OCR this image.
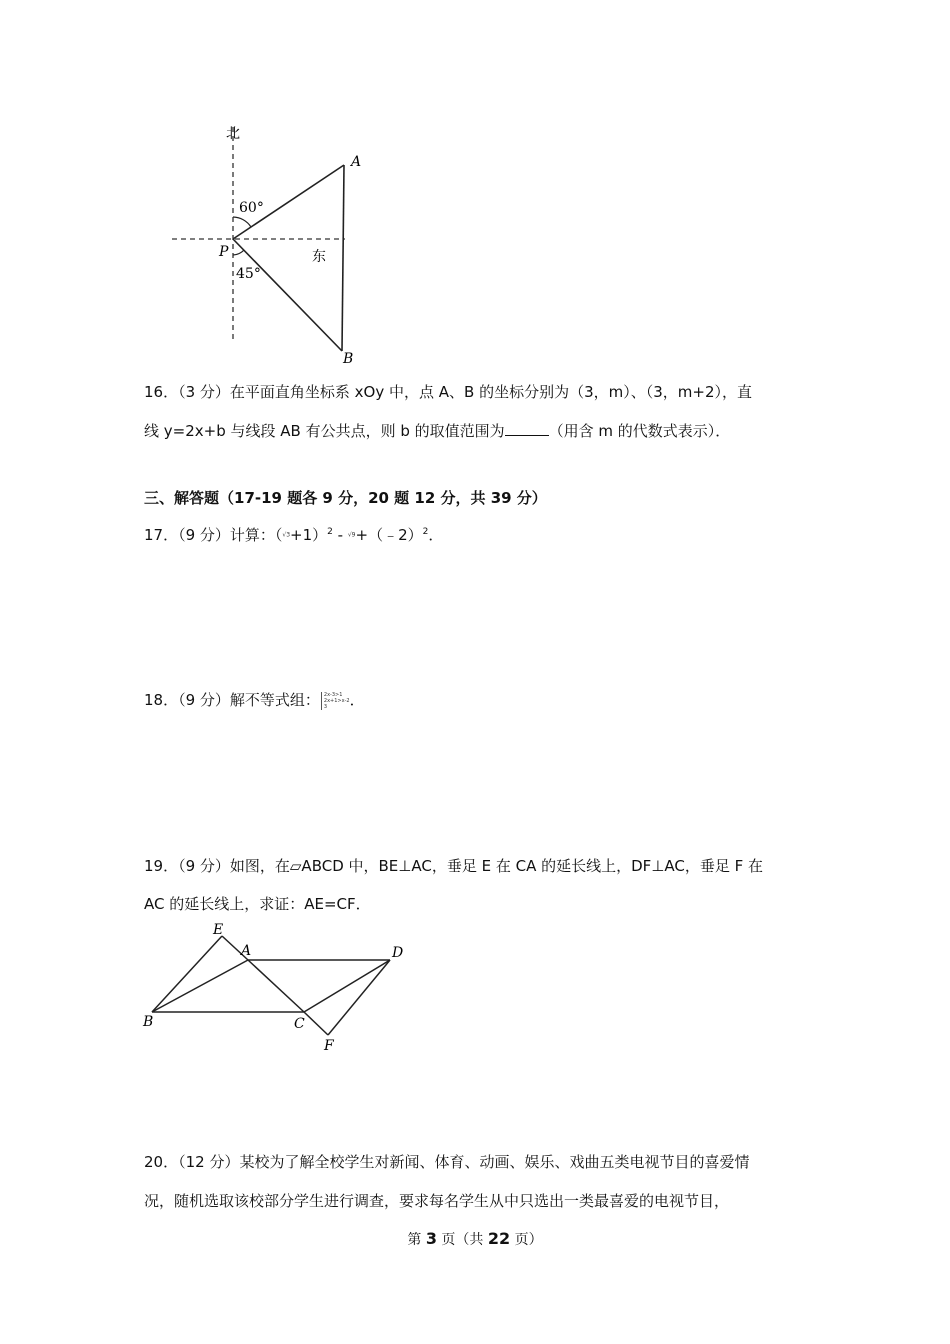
北
东
60°
45°
P
A
B
16．（3 分）在平面直角坐标系 xOy 中，点 A、B 的坐标分别为（3，m）、（3，m+2），直
线 y=2x+b 与线段 AB 有公共点，则 b 的取值范围为	（用含 m 的代数式表示）．
三、解答题（17-19 题各 9 分，20 题 12 分，共 39 分）
17．（9 分）计算：$(√3+1)^2$ - √9+（﹣2）$^2$．
18．（9 分）解不等式组： 2x-3>1
2x+1>x-2
3 ．
19．（9 分）如图，在▱ABCD 中，BE⊥AC，垂足 E 在 CA 的延长线上，DF⊥AC，垂足 F 在
AC 的延长线上，求证：AE=CF．
E
A	D
B	C
F
20．（12 分）某校为了解全校学生对新闻、体育、动画、娱乐、戏曲五类电视节目的喜爱情
况，随机选取该校部分学生进行调查，要求每名学生从中只选出一类最喜爱的电视节目，
第 3 页（共 22 页）
